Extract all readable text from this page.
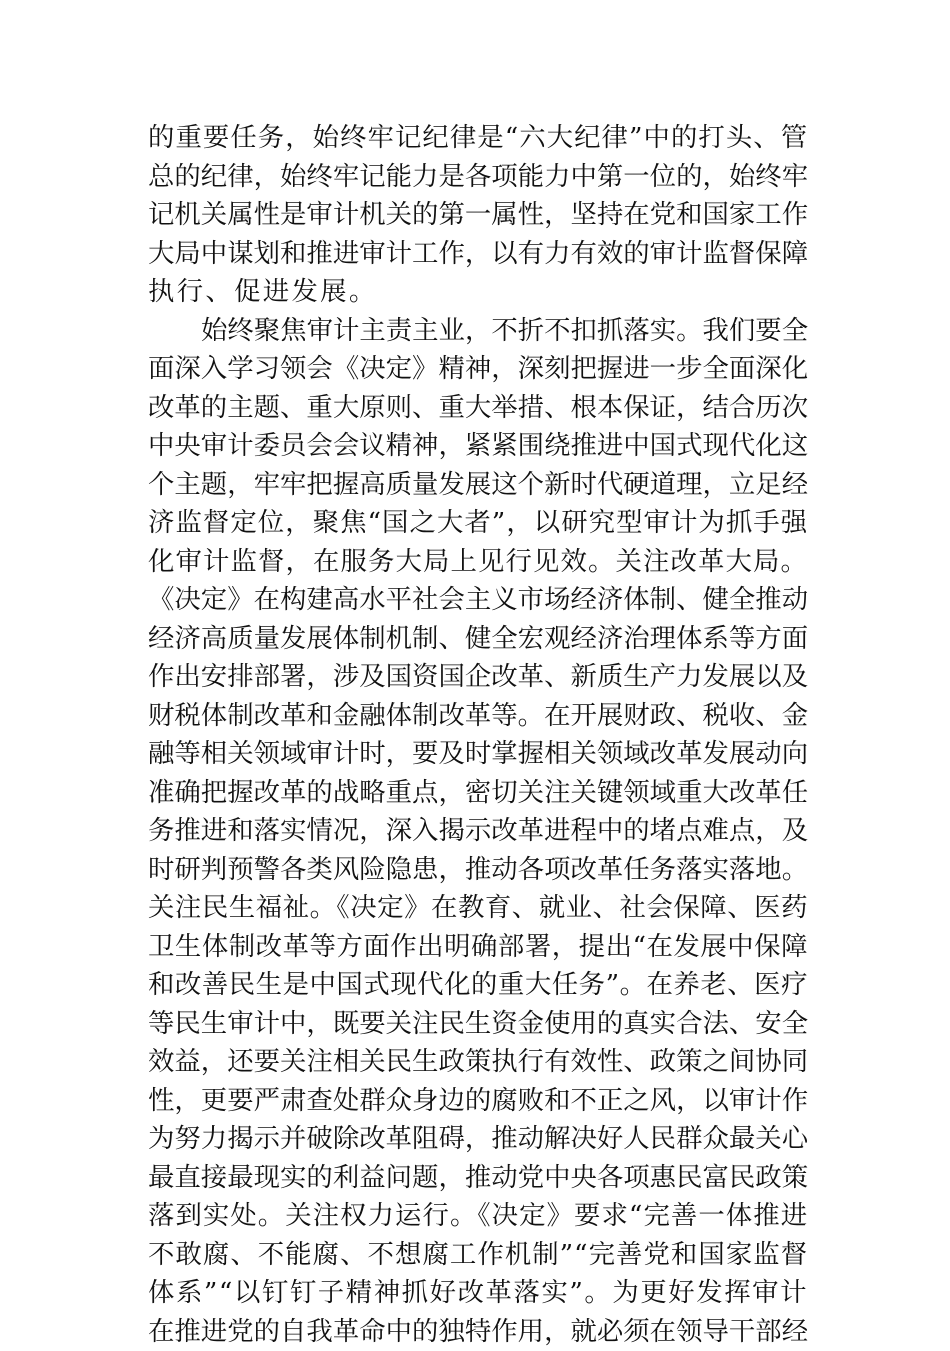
的重要任务，始终牢记纪律是“六大纪律”中的打头、管
总的纪律，始终牢记能力是各项能力中第一位的，始终牢
记机关属性是审计机关的第一属性，坚持在党和国家工作
大局中谋划和推进审计工作，以有力有效的审计监督保障
执行、促进发展。
始终聚焦审计主责主业，不折不扣抓落实。我们要全
面深入学习领会《决定》精神，深刻把握进一步全面深化
改革的主题、重大原则、重大举措、根本保证，结合历次
中央审计委员会会议精神，紧紧围绕推进中国式现代化这
个主题，牢牢把握高质量发展这个新时代硬道理，立足经
济监督定位，聚焦“国之大者”，以研究型审计为抓手强
化审计监督，在服务大局上见行见效。关注改革大局。
《决定》在构建高水平社会主义市场经济体制、健全推动
经济高质量发展体制机制、健全宏观经济治理体系等方面
作出安排部署，涉及国资国企改革、新质生产力发展以及
财税体制改革和金融体制改革等。在开展财政、税收、金
融等相关领域审计时，要及时掌握相关领域改革发展动向
准确把握改革的战略重点，密切关注关键领域重大改革任
务推进和落实情况，深入揭示改革进程中的堵点难点，及
时研判预警各类风险隐患，推动各项改革任务落实落地。
关注民生福祉。《决定》在教育、就业、社会保障、医药
卫生体制改革等方面作出明确部署，提出“在发展中保障
和改善民生是中国式现代化的重大任务”。在养老、医疗
等民生审计中，既要关注民生资金使用的真实合法、安全
效益，还要关注相关民生政策执行有效性、政策之间协同
性，更要严肃查处群众身边的腐败和不正之风，以审计作
为努力揭示并破除改革阻碍，推动解决好人民群众最关心
最直接最现实的利益问题，推动党中央各项惠民富民政策
落到实处。关注权力运行。《决定》要求“完善一体推进
不敢腐、不能腐、不想腐工作机制”“完善党和国家监督
体系”“以钉钉子精神抓好改革落实”。为更好发挥审计
在推进党的自我革命中的独特作用，就必须在领导干部经
